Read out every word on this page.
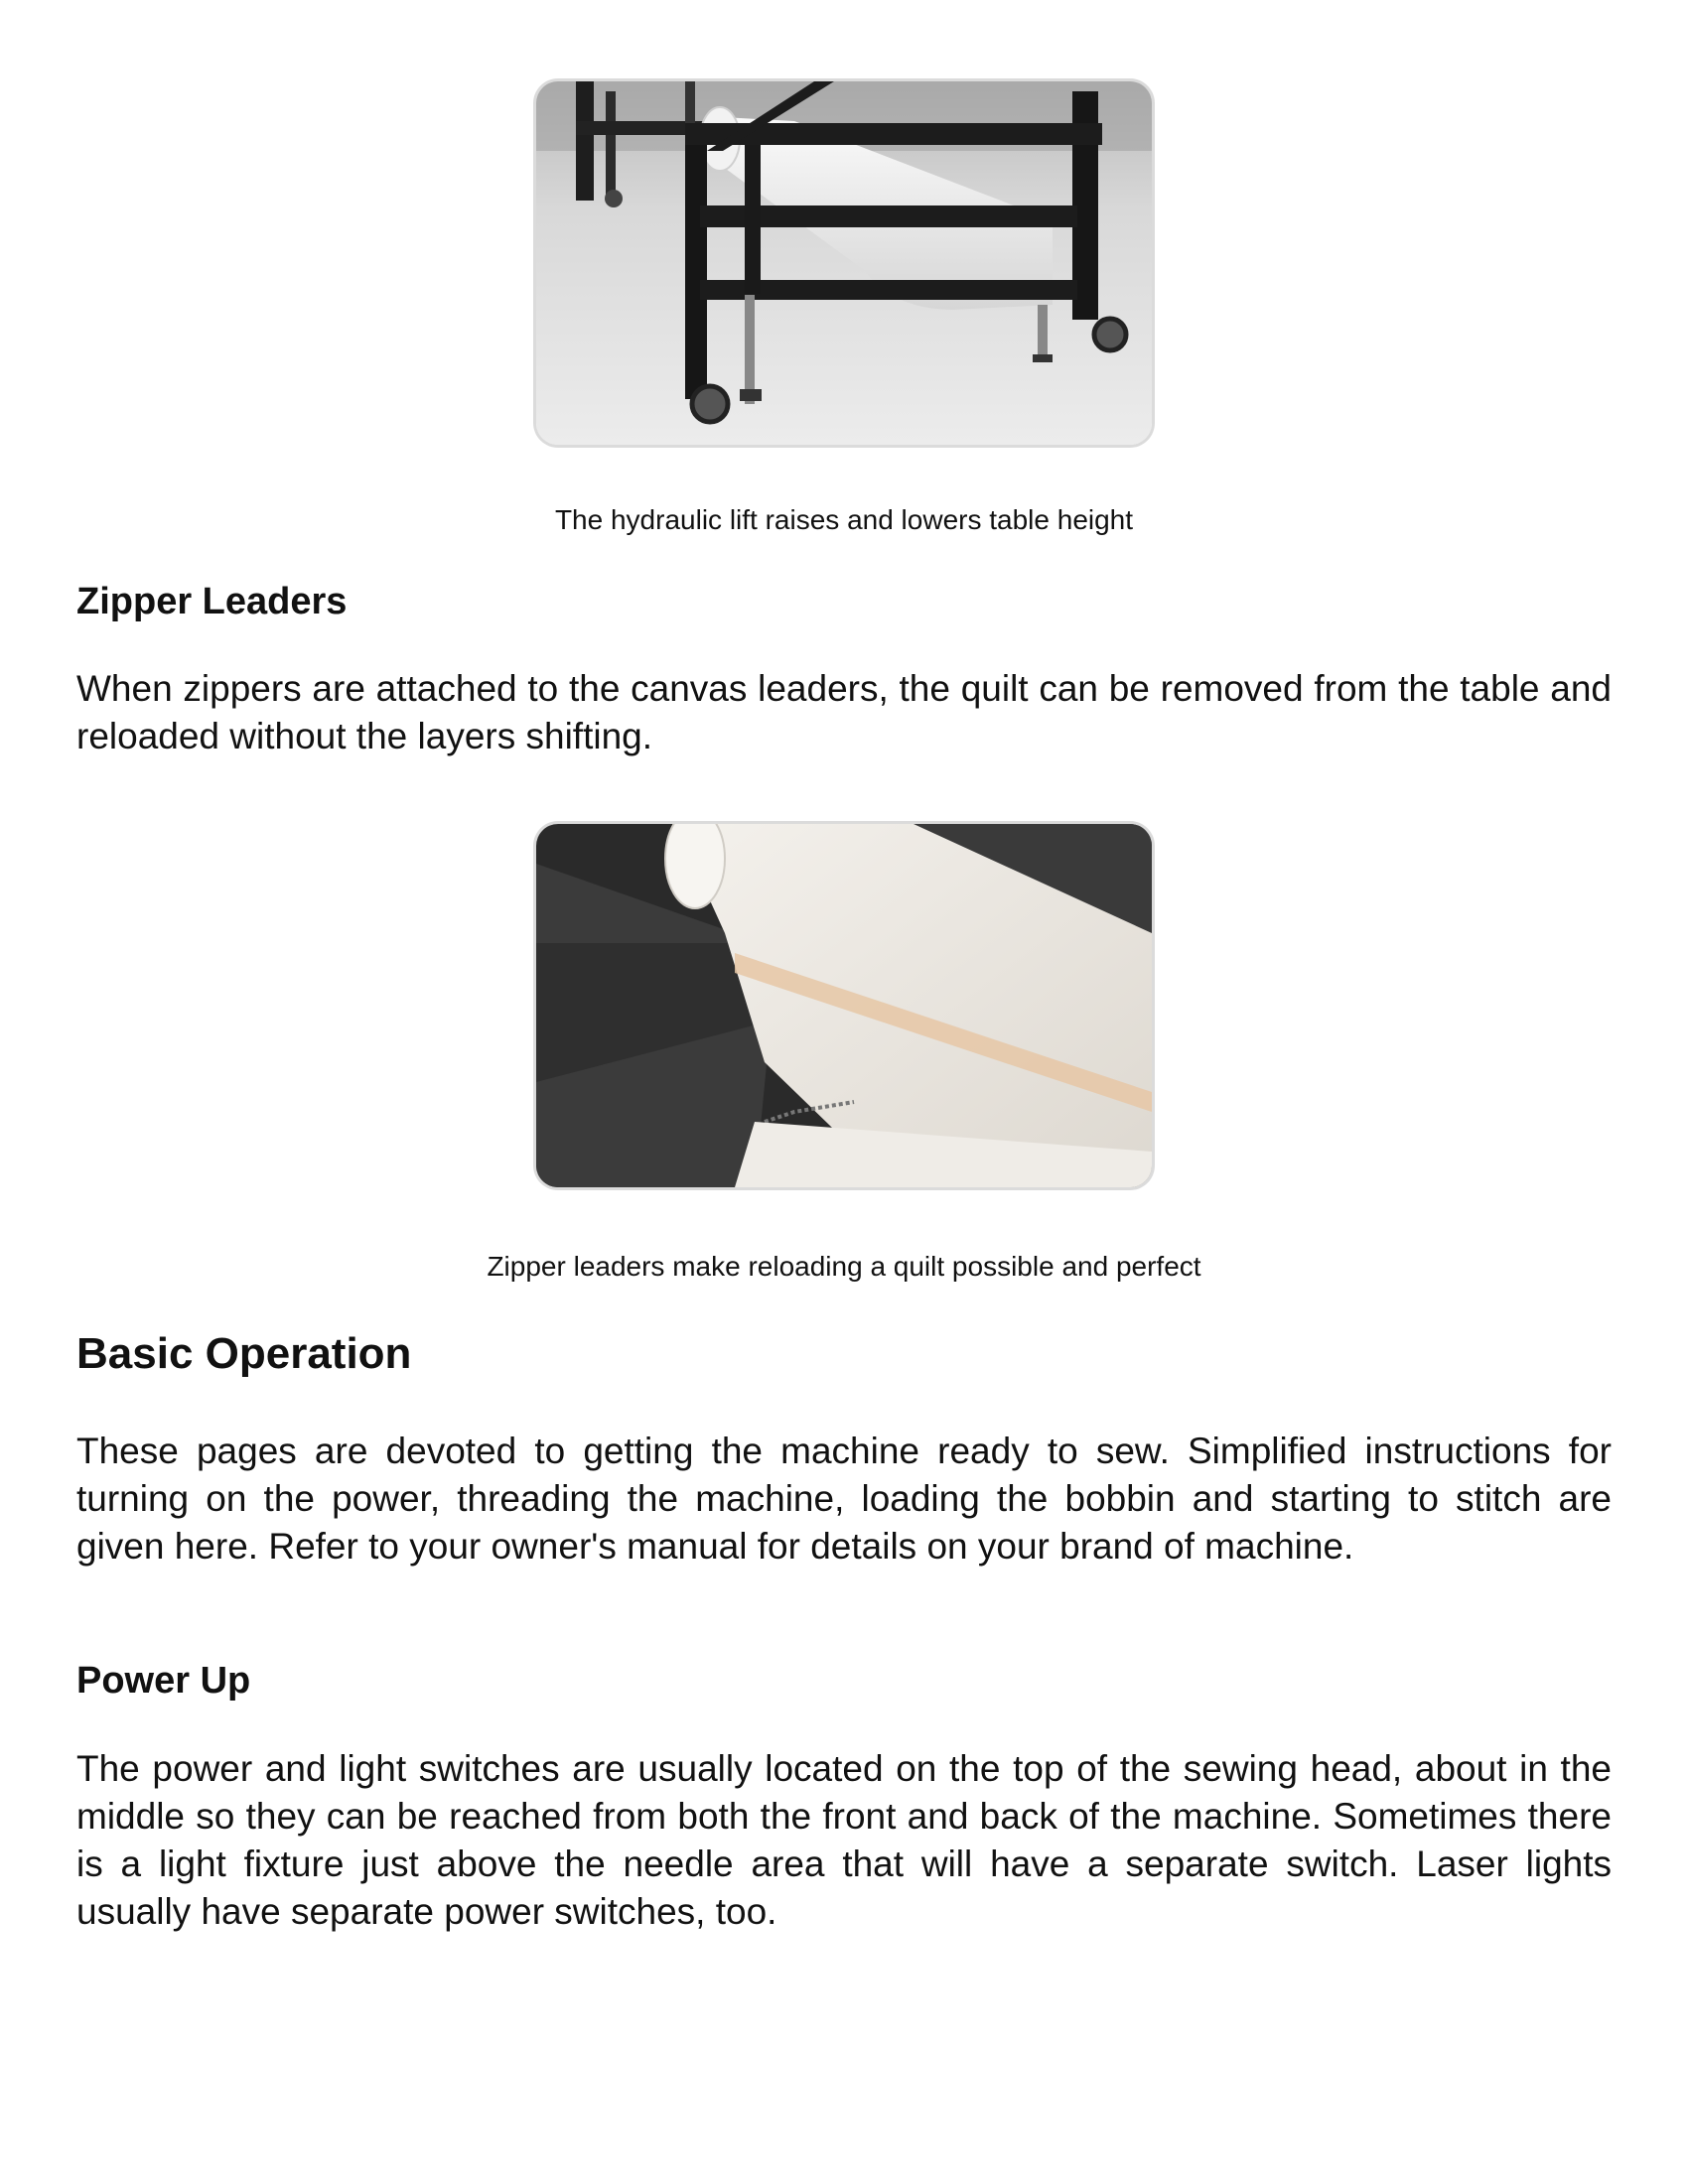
The hydraulic lift raises and lowers table height
Zipper Leaders
When zippers are attached to the canvas leaders, the quilt can be removed from the table and reloaded without the layers shifting.
Zipper leaders make reloading a quilt possible and perfect
Basic Operation
These pages are devoted to getting the machine ready to sew. Simplified instructions for turning on the power, threading the machine, loading the bobbin and starting to stitch are given here. Refer to your owner's manual for details on your brand of machine.
Power Up
The power and light switches are usually located on the top of the sewing head, about in the middle so they can be reached from both the front and back of the machine. Sometimes there is a light fixture just above the needle area that will have a separate switch. Laser lights usually have separate power switches, too.
